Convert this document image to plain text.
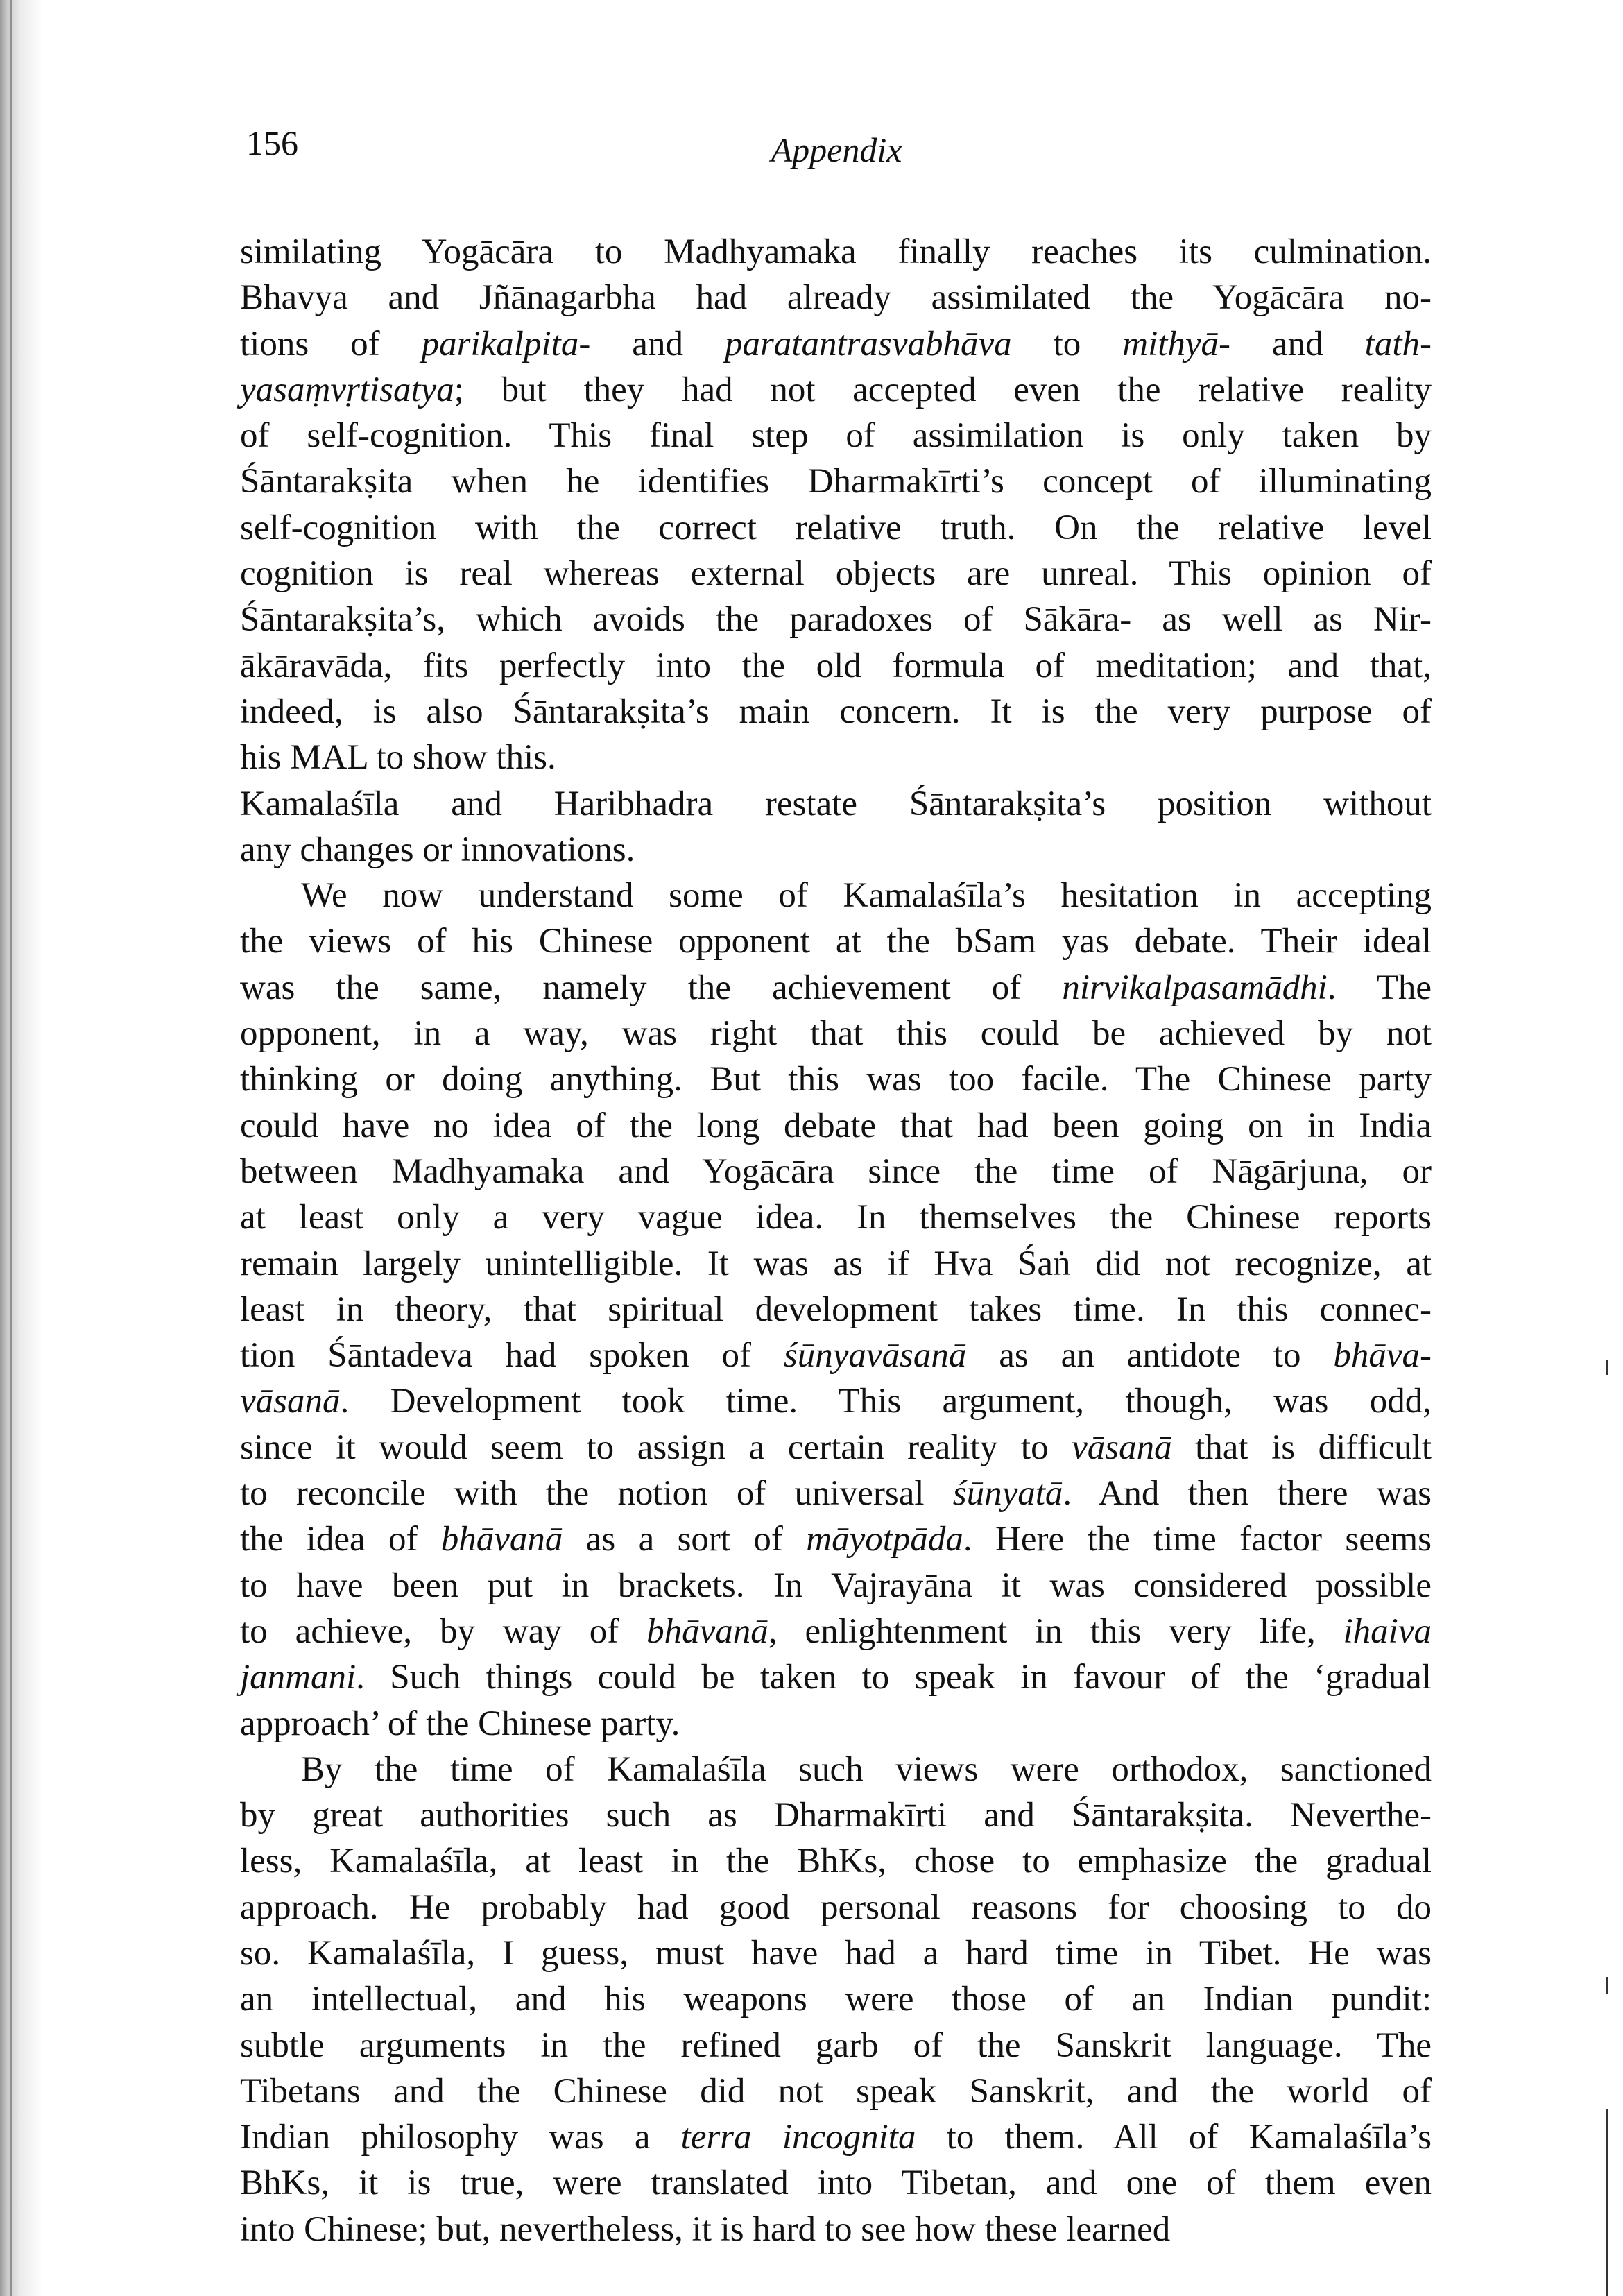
156	Appendix
similating Yogācāra to Madhyamaka finally reaches its culmination.
Bhavya and Jñānagarbha had already assimilated the Yogācāra no-
tions of parikalpita- and paratantrasvabhāva to mithyā- and tath-
yasaṃvṛtisatya; but they had not accepted even the relative reality
of self-cognition. This final step of assimilation is only taken by
Śāntarakṣita when he identifies Dharmakīrti’s concept of illuminating
self-cognition with the correct relative truth. On the relative level
cognition is real whereas external objects are unreal. This opinion of
Śāntarakṣita’s, which avoids the paradoxes of Sākāra- as well as Nir-
ākāravāda, fits perfectly into the old formula of meditation; and that,
indeed, is also Śāntarakṣita’s main concern. It is the very purpose of
his MAL to show this.
Kamalaśīla and Haribhadra restate Śāntarakṣita’s position without
any changes or innovations.
We now understand some of Kamalaśīla’s hesitation in accepting
the views of his Chinese opponent at the bSam yas debate. Their ideal
was the same, namely the achievement of nirvikalpasamādhi. The
opponent, in a way, was right that this could be achieved by not
thinking or doing anything. But this was too facile. The Chinese party
could have no idea of the long debate that had been going on in India
between Madhyamaka and Yogācāra since the time of Nāgārjuna, or
at least only a very vague idea. In themselves the Chinese reports
remain largely unintelligible. It was as if Hva Śaṅ did not recognize, at
least in theory, that spiritual development takes time. In this connec-
tion Śāntadeva had spoken of śūnyavāsanā as an antidote to bhāva-
vāsanā. Development took time. This argument, though, was odd,
since it would seem to assign a certain reality to vāsanā that is difficult
to reconcile with the notion of universal śūnyatā. And then there was
the idea of bhāvanā as a sort of māyotpāda. Here the time factor seems
to have been put in brackets. In Vajrayāna it was considered possible
to achieve, by way of bhāvanā, enlightenment in this very life, ihaiva
janmani. Such things could be taken to speak in favour of the ‘gradual
approach’ of the Chinese party.
By the time of Kamalaśīla such views were orthodox, sanctioned
by great authorities such as Dharmakīrti and Śāntarakṣita. Neverthe-
less, Kamalaśīla, at least in the BhKs, chose to emphasize the gradual
approach. He probably had good personal reasons for choosing to do
so. Kamalaśīla, I guess, must have had a hard time in Tibet. He was
an intellectual, and his weapons were those of an Indian pundit:
subtle arguments in the refined garb of the Sanskrit language. The
Tibetans and the Chinese did not speak Sanskrit, and the world of
Indian philosophy was a terra incognita to them. All of Kamalaśīla’s
BhKs, it is true, were translated into Tibetan, and one of them even
into Chinese; but, nevertheless, it is hard to see how these learned
